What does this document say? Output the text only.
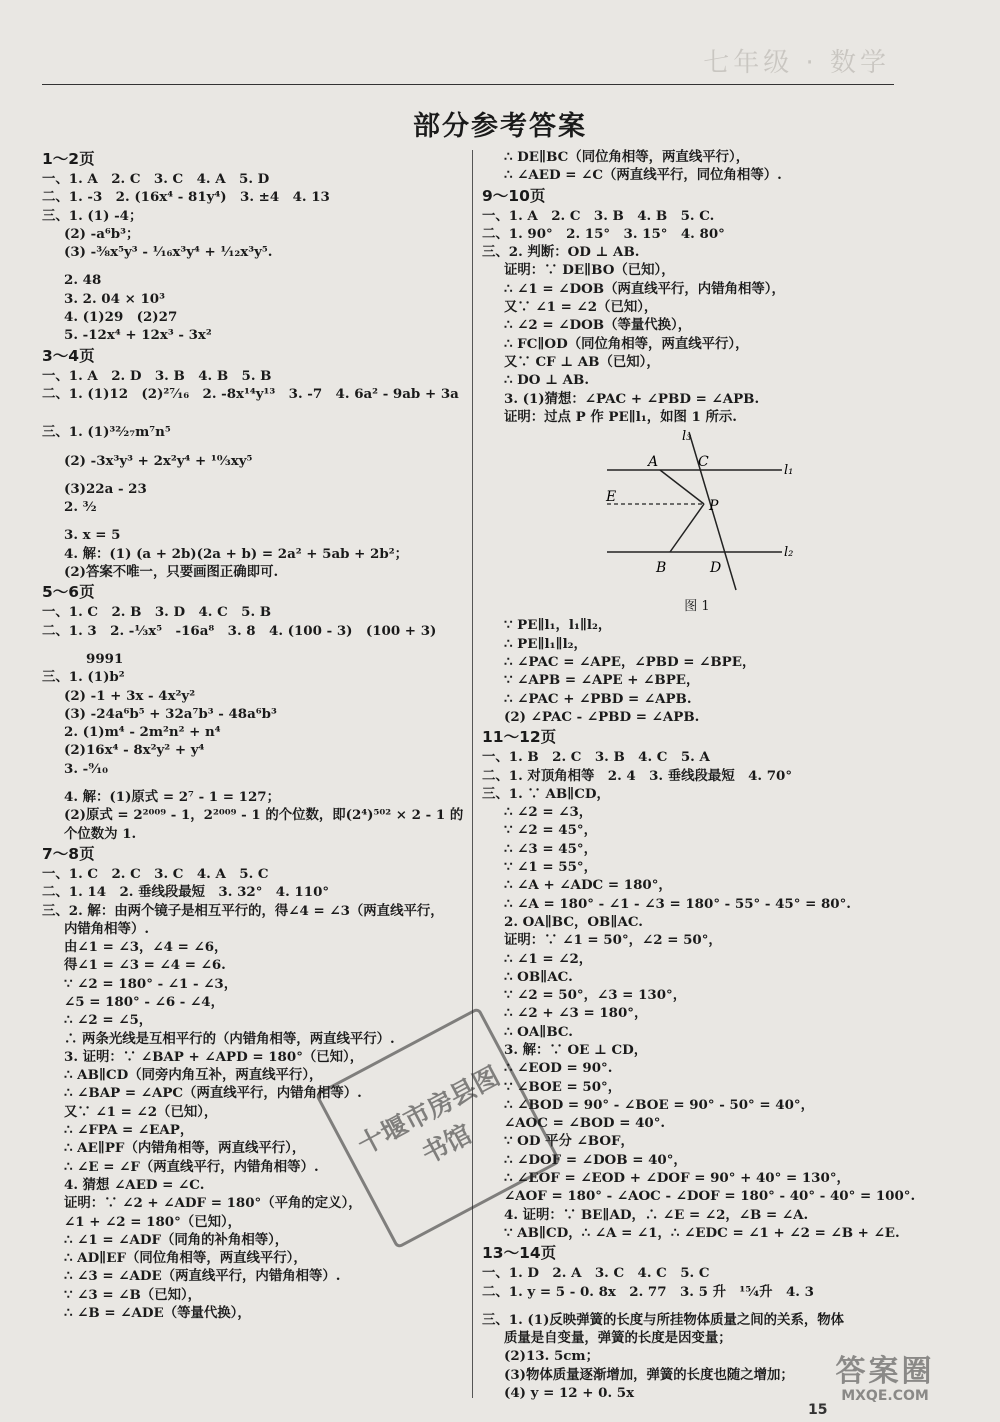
七年级 · 数学
部分参考答案
1～2页
一、1. A　2. C　3. C　4. A　5. D
二、1. -3　2. (16x⁴ - 81y⁴)　3. ±4　4. 13
三、1. (1) -4；
(2) -a⁶b³；
(3) -³⁄₈x⁵y³ - ¹⁄₁₆x³y⁴ + ¹⁄₁₂x³y⁵.
2. 48
3. 2. 04 × 10³
4. (1)29　(2)27
5. -12x⁴ + 12x³ - 3x²
3～4页
一、1. A　2. D　3. B　4. B　5. B
二、1. (1)12　(2)²⁷⁄₁₆　2. -8x¹⁴y¹³　3. -7　4. 6a² - 9ab + 3a
三、1. (1)³²⁄₂₇m⁷n⁵
(2) -3x³y³ + 2x²y⁴ + ¹⁰⁄₃xy⁵
(3)22a - 23
2. ³⁄₂
3. x = 5
4. 解：(1) (a + 2b)(2a + b) = 2a² + 5ab + 2b²；
(2)答案不唯一，只要画图正确即可.
5～6页
一、1. C　2. B　3. D　4. C　5. B
二、1. 3　2. -¹⁄₃x⁵　-16a⁸　3. 8　4. (100 - 3)　(100 + 3)
9991
三、1. (1)b²
(2) -1 + 3x - 4x²y²
(3) -24a⁶b⁵ + 32a⁷b³ - 48a⁶b³
2. (1)m⁴ - 2m²n² + n⁴
(2)16x⁴ - 8x²y² + y⁴
3. -⁹⁄₁₀
4. 解：(1)原式 = 2⁷ - 1 = 127；
(2)原式 = 2²⁰⁰⁹ - 1，2²⁰⁰⁹ - 1 的个位数，即(2⁴)⁵⁰² × 2 - 1 的
个位数为 1.
7～8页
一、1. C　2. C　3. C　4. A　5. C
二、1. 14　2. 垂线段最短　3. 32°　4. 110°
三、2. 解：由两个镜子是相互平行的，得∠4 = ∠3（两直线平行，
内错角相等）.
由∠1 = ∠3，∠4 = ∠6，
得∠1 = ∠3 = ∠4 = ∠6.
∵ ∠2 = 180° - ∠1 - ∠3，
∠5 = 180° - ∠6 - ∠4，
∴ ∠2 = ∠5，
∴ 两条光线是互相平行的（内错角相等，两直线平行）.
3. 证明：∵ ∠BAP + ∠APD = 180°（已知），
∴ AB∥CD（同旁内角互补，两直线平行），
∴ ∠BAP = ∠APC（两直线平行，内错角相等）.
又∵ ∠1 = ∠2（已知），
∴ ∠FPA = ∠EAP，
∴ AE∥PF（内错角相等，两直线平行），
∴ ∠E = ∠F（两直线平行，内错角相等）.
4. 猜想 ∠AED = ∠C.
证明：∵ ∠2 + ∠ADF = 180°（平角的定义），
∠1 + ∠2 = 180°（已知），
∴ ∠1 = ∠ADF（同角的补角相等），
∴ AD∥EF（同位角相等，两直线平行），
∴ ∠3 = ∠ADE（两直线平行，内错角相等）.
∵ ∠3 = ∠B（已知），
∴ ∠B = ∠ADE（等量代换），
∴ DE∥BC（同位角相等，两直线平行），
∴ ∠AED = ∠C（两直线平行，同位角相等）.
9～10页
一、1. A　2. C　3. B　4. B　5. C.
二、1. 90°　2. 15°　3. 15°　4. 80°
三、2. 判断：OD ⊥ AB.
证明：∵ DE∥BO（已知），
∴ ∠1 = ∠DOB（两直线平行，内错角相等），
又∵ ∠1 = ∠2（已知），
∴ ∠2 = ∠DOB（等量代换），
∴ FC∥OD（同位角相等，两直线平行），
又∵ CF ⊥ AB（已知），
∴ DO ⊥ AB.
3. (1)猜想：∠PAC + ∠PBD = ∠APB.
证明：过点 P 作 PE∥l₁，如图 1 所示.
l₃
l₁
l₂
A	C
E
P
B	D
图 1
∵ PE∥l₁，l₁∥l₂，
∴ PE∥l₁∥l₂，
∴ ∠PAC = ∠APE，∠PBD = ∠BPE，
∵ ∠APB = ∠APE + ∠BPE，
∴ ∠PAC + ∠PBD = ∠APB.
(2) ∠PAC - ∠PBD = ∠APB.
11～12页
一、1. B　2. C　3. B　4. C　5. A
二、1. 对顶角相等　2. 4　3. 垂线段最短　4. 70°
三、1. ∵ AB∥CD，
∴ ∠2 = ∠3，
∵ ∠2 = 45°，
∴ ∠3 = 45°，
∵ ∠1 = 55°，
∴ ∠A + ∠ADC = 180°，
∴ ∠A = 180° - ∠1 - ∠3 = 180° - 55° - 45° = 80°.
2. OA∥BC，OB∥AC.
证明：∵ ∠1 = 50°，∠2 = 50°，
∴ ∠1 = ∠2，
∴ OB∥AC.
∵ ∠2 = 50°，∠3 = 130°，
∴ ∠2 + ∠3 = 180°，
∴ OA∥BC.
3. 解：∵ OE ⊥ CD，
∴ ∠EOD = 90°.
∵ ∠BOE = 50°，
∴ ∠BOD = 90° - ∠BOE = 90° - 50° = 40°，
∠AOC = ∠BOD = 40°.
∵ OD 平分 ∠BOF，
∴ ∠DOF = ∠DOB = 40°，
∴ ∠EOF = ∠EOD + ∠DOF = 90° + 40° = 130°，
∠AOF = 180° - ∠AOC - ∠DOF = 180° - 40° - 40° = 100°.
4. 证明：∵ BE∥AD，∴ ∠E = ∠2，∠B = ∠A.
∵ AB∥CD，∴ ∠A = ∠1，∴ ∠EDC = ∠1 + ∠2 = ∠B + ∠E.
13～14页
一、1. D　2. A　3. C　4. C　5. C
二、1. y = 5 - 0. 8x　2. 77　3. 5 升　¹⁵⁄₄升　4. 3
三、1. (1)反映弹簧的长度与所挂物体质量之间的关系，物体
质量是自变量，弹簧的长度是因变量；
(2)13. 5cm；
(3)物体质量逐渐增加，弹簧的长度也随之增加；
(4) y = 12 + 0. 5x
十堰市房县图书馆
答案圈
MXQE.COM
15
